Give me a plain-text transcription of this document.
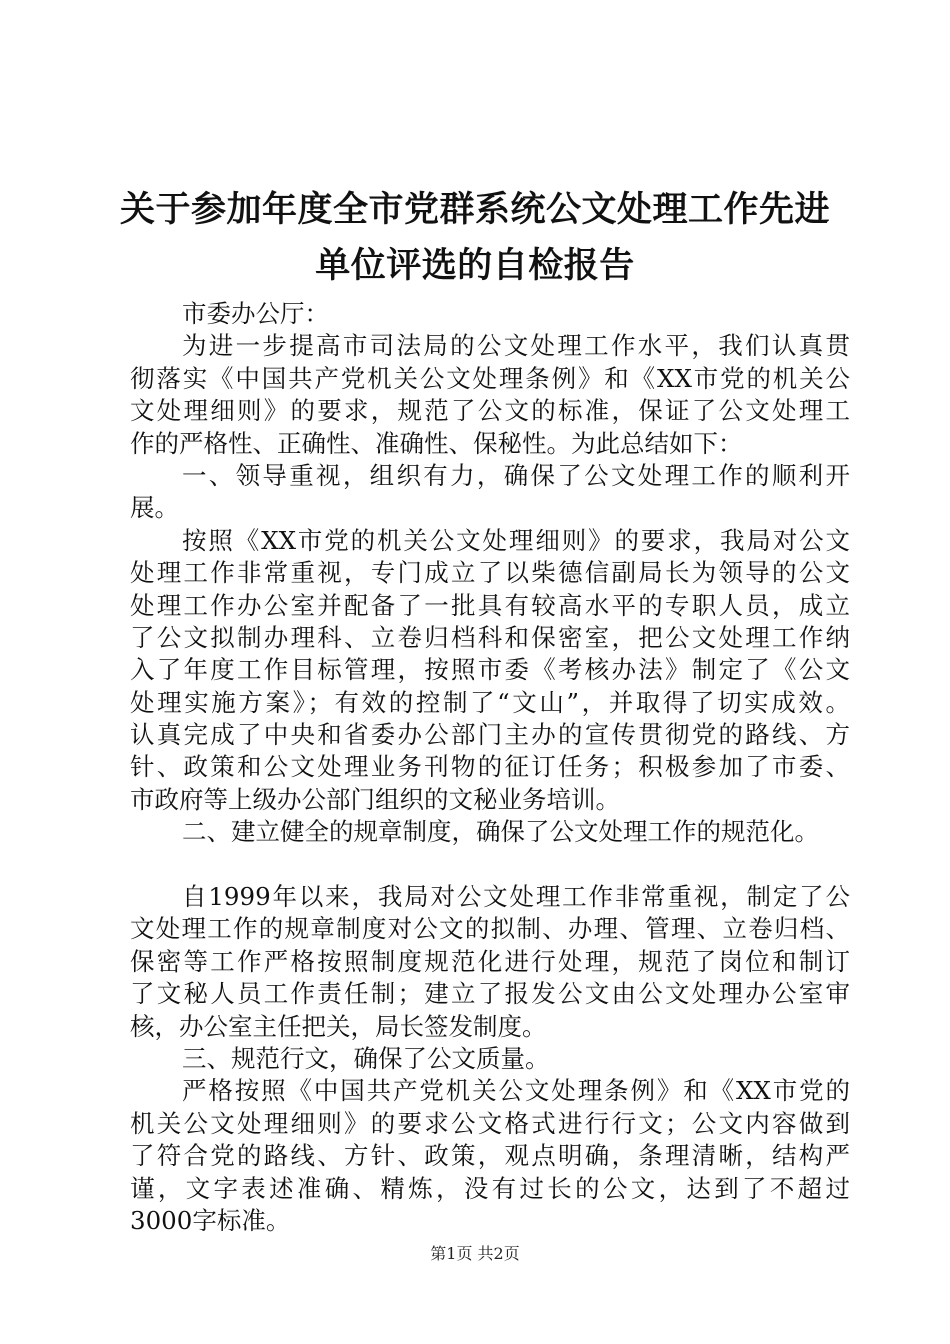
关于参加年度全市党群系统公文处理工作先进
单位评选的自检报告
市委办公厅：
为进一步提高市司法局的公文处理工作水平，我们认真贯
彻落实《中国共产党机关公文处理条例》和《XX市党的机关公
文处理细则》的要求，规范了公文的标准，保证了公文处理工
作的严格性、正确性、准确性、保秘性。为此总结如下：
一、领导重视，组织有力，确保了公文处理工作的顺利开
展。
按照《XX市党的机关公文处理细则》的要求，我局对公文
处理工作非常重视，专门成立了以柴德信副局长为领导的公文
处理工作办公室并配备了一批具有较高水平的专职人员，成立
了公文拟制办理科、立卷归档科和保密室，把公文处理工作纳
入了年度工作目标管理，按照市委《考核办法》制定了《公文
处理实施方案》；有效的控制了“文山”，并取得了切实成效。
认真完成了中央和省委办公部门主办的宣传贯彻党的路线、方
针、政策和公文处理业务刊物的征订任务；积极参加了市委、
市政府等上级办公部门组织的文秘业务培训。
二、建立健全的规章制度，确保了公文处理工作的规范化。
自1999年以来，我局对公文处理工作非常重视，制定了公
文处理工作的规章制度对公文的拟制、办理、管理、立卷归档、
保密等工作严格按照制度规范化进行处理，规范了岗位和制订
了文秘人员工作责任制；建立了报发公文由公文处理办公室审
核，办公室主任把关，局长签发制度。
三、规范行文，确保了公文质量。
严格按照《中国共产党机关公文处理条例》和《XX市党的
机关公文处理细则》的要求公文格式进行行文；公文内容做到
了符合党的路线、方针、政策，观点明确，条理清晰，结构严
谨，文字表述准确、精炼，没有过长的公文，达到了不超过
3000字标准。
第1页 共2页
